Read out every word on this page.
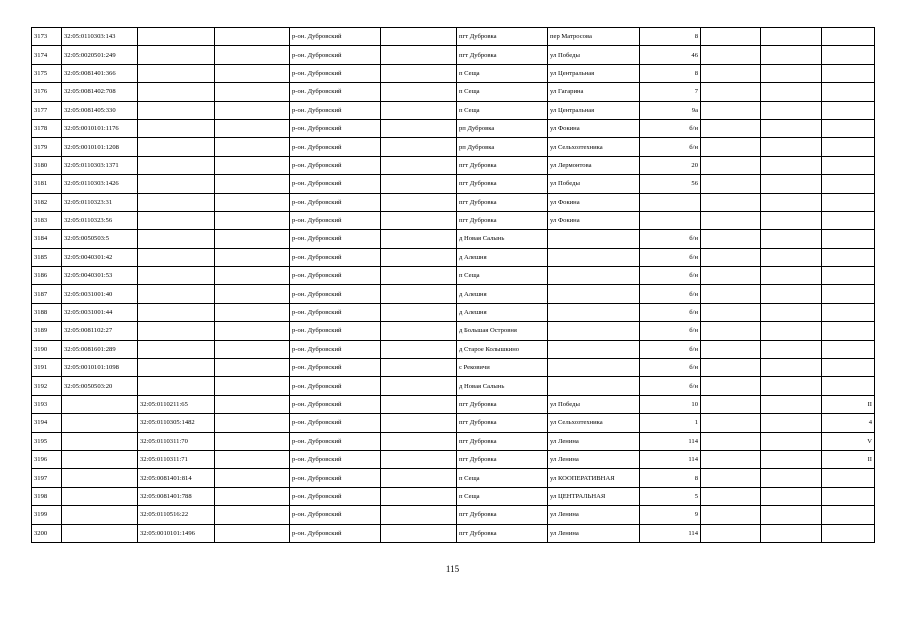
3173	32:05:0110303:143			р-он. Дубровский		пгт Дубровка	пер Матросова	8			
3174	32:05:0020501:249			р-он. Дубровский		пгт Дубровка	ул Победы	46			
3175	32:05:0081401:366			р-он. Дубровский		п Сеща	ул Центральная	8			
3176	32:05:0081402:708			р-он. Дубровский		п Сеща	ул Гагарина	7			
3177	32:05:0081405:330			р-он. Дубровский		п Сеща	ул Центральная	9а			
3178	32:05:0010101:1176			р-он. Дубровский		рп Дубровка	ул Фокина	б/н			
3179	32:05:0010101:1208			р-он. Дубровский		рп Дубровка	ул Сельхозтехника	б/н			
3180	32:05:0110303:1371			р-он. Дубровский		пгт Дубровка	ул Лермонтова	20			
3181	32:05:0110303:1426			р-он. Дубровский		пгт Дубровка	ул Победы	56			
3182	32:05:0110323:31			р-он. Дубровский		пгт Дубровка	ул Фокина				
3183	32:05:0110323:56			р-он. Дубровский		пгт Дубровка	ул Фокина				
3184	32:05:0050503:5			р-он. Дубровский		д Новая Салынь		б/н			
3185	32:05:0040301:42			р-он. Дубровский		д Алешня		б/н			
3186	32:05:0040301:53			р-он. Дубровский		п Сеща		б/н			
3187	32:05:0031001:40			р-он. Дубровский		д Алешня		б/н			
3188	32:05:0031001:44			р-он. Дубровский		д Алешня		б/н			
3189	32:05:0081102:27			р-он. Дубровский		д Большая Островня		б/н			
3190	32:05:0081601:289			р-он. Дубровский		д Старое Колышкино		б/н			
3191	32:05:0010101:1098			р-он. Дубровский		с Рековичи		б/н			
3192	32:05:0050503:20			р-он. Дубровский		д Новая Салынь		б/н			
3193		32:05:0110211:65		р-он. Дубровский		пгт Дубровка	ул Победы	10			II
3194		32:05:0110305:1482		р-он. Дубровский		пгт Дубровка	ул Сельхозтехника	1			4
3195		32:05:0110311:70		р-он. Дубровский		пгт Дубровка	ул Ленина	114			V
3196		32:05:0110311:71		р-он. Дубровский		пгт Дубровка	ул Ленина	114			II
3197		32:05:0081401:814		р-он. Дубровский		п Сеща	ул КООПЕРАТИВНАЯ	8			
3198		32:05:0081401:788		р-он. Дубровский		п Сеща	ул ЦЕНТРАЛЬНАЯ	5			
3199		32:05:0110516:22		р-он. Дубровский		пгт Дубровка	ул Ленина	9			
3200		32:05:0010101:1496		р-он. Дубровский		пгт Дубровка	ул Ленина	114			
115
